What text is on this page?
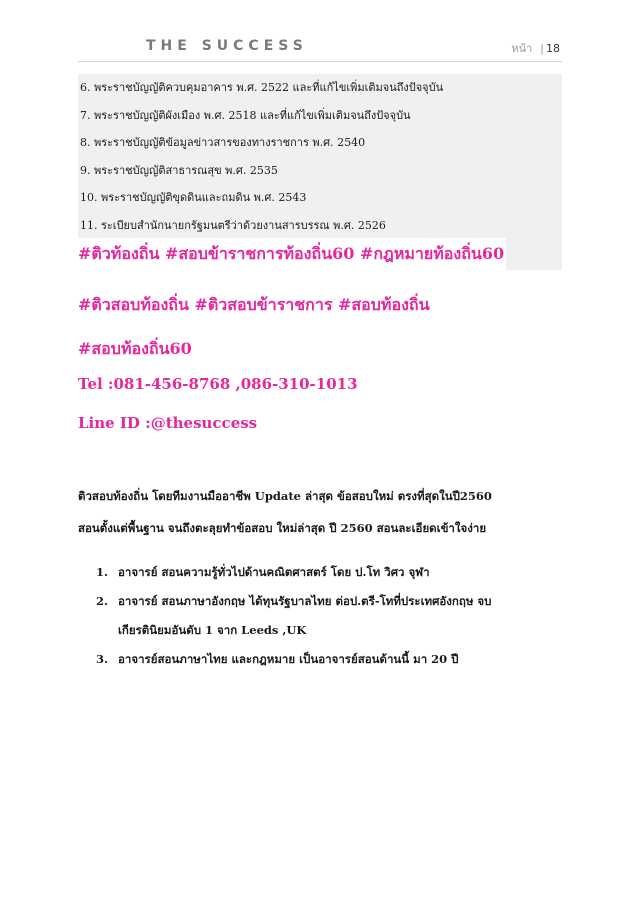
THE SUCCESS	หน้า | 18
6. พระราชบัญญัติควบคุมอาคาร พ.ศ. 2522 และที่แก้ไขเพิ่มเติมจนถึงปัจจุบัน
7. พระราชบัญญัติผังเมือง พ.ศ. 2518 และที่แก้ไขเพิ่มเติมจนถึงปัจจุบัน
8. พระราชบัญญัติข้อมูลข่าวสารของทางราชการ พ.ศ. 2540
9. พระราชบัญญัติสาธารณสุข พ.ศ. 2535
10. พระราชบัญญัติขุดดินและถมดิน พ.ศ. 2543
11. ระเบียบสำนักนายกรัฐมนตรีว่าด้วยงานสารบรรณ พ.ศ. 2526
#ติวท้องถิ่น #สอบข้าราชการท้องถิ่น60 #กฎหมายท้องถิ่น60
#ติวสอบท้องถิ่น #ติวสอบข้าราชการ #สอบท้องถิ่น
#สอบท้องถิ่น60
Tel :081-456-8768 ,086-310-1013
Line ID :@thesuccess
ติวสอบท้องถิ่น โดยทีมงานมืออาชีพ Update ล่าสุด ข้อสอบใหม่ ตรงที่สุดในปี2560
สอนตั้งแต่พื้นฐาน จนถึงตะลุยทำข้อสอบ ใหม่ล่าสุด ปี 2560 สอนละเอียดเข้าใจง่าย
1. อาจารย์ สอนความรู้ทั่วไปด้านคณิตศาสตร์ โดย ป.โท วิศว จุฬา
2. อาจารย์ สอนภาษาอังกฤษ ได้ทุนรัฐบาลไทย ต่อป.ตรี-โทที่ประเทศอังกฤษ จบ
เกียรตินิยมอันดับ 1 จาก Leeds ,UK
3. อาจารย์สอนภาษาไทย และกฎหมาย เป็นอาจารย์สอนด้านนี้ มา 20 ปี
